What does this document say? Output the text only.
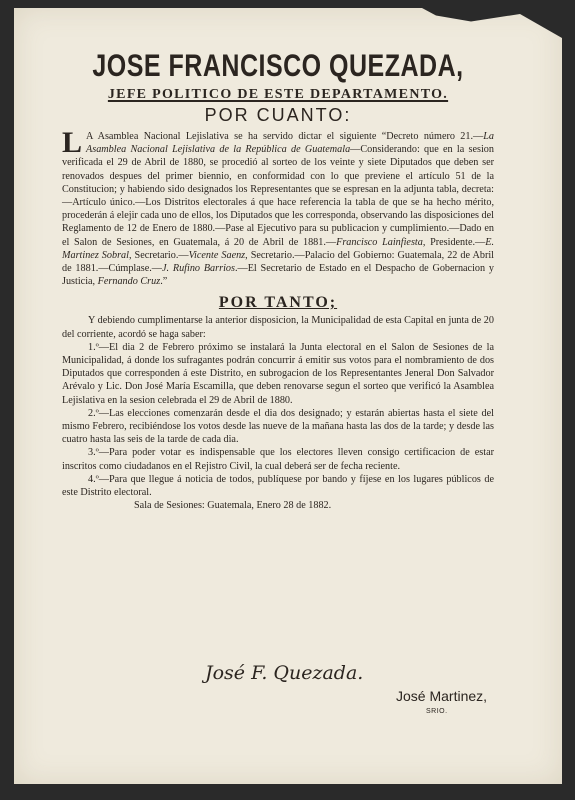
JOSE FRANCISCO QUEZADA,
JEFE POLITICO DE ESTE DEPARTAMENTO.
POR CUANTO:

L A Asamblea Nacional Lejislativa se ha servido dictar el siguiente “Decreto número 21.—La Asamblea Nacional Lejislativa de la República de Guatemala—Considerando: que en la sesion verificada el 29 de Abril de 1880, se procedió al sorteo de los veinte y siete Diputados que deben ser renovados despues del primer biennio, en conformidad con lo que previene el artículo 51 de la Constitucion; y habiendo sido designados los Representantes que se espresan en la adjunta tabla, decreta:—Artículo único.—Los Distritos electorales á que hace referencia la tabla de que se ha hecho mérito, procederán á elejir cada uno de ellos, los Diputados que les corresponda, observando las disposiciones del Reglamento de 12 de Enero de 1880.—Pase al Ejecutivo para su publicacion y cumplimiento.—Dado en el Salon de Sesiones, en Guatemala, á 20 de Abril de 1881.—Francisco Lainfiesta, Presidente.—E. Martinez Sobral, Secretario.—Vicente Saenz, Secretario.—Palacio del Gobierno: Guatemala, 22 de Abril de 1881.—Cúmplase.—J. Rufino Barrios.—El Secretario de Estado en el Despacho de Gobernacion y Justicia, Fernando Cruz.”

POR TANTO;

Y debiendo cumplimentarse la anterior disposicion, la Municipalidad de esta Capital en junta de 20 del corriente, acordó se haga saber:

1.º—El dia 2 de Febrero próximo se instalará la Junta electoral en el Salon de Sesiones de la Municipalidad, á donde los sufragantes podrán concurrir á emitir sus votos para el nombramiento de dos Diputados que corresponden á este Distrito, en subrogacion de los Representantes Jeneral Don Salvador Arévalo y Lic. Don José María Escamilla, que deben renovarse segun el sorteo que verificó la Asamblea Lejislativa en la sesion celebrada el 29 de Abril de 1880.

2.º—Las elecciones comenzarán desde el dia dos designado; y estarán abiertas hasta el siete del mismo Febrero, recibiéndose los votos desde las nueve de la mañana hasta las dos de la tarde; y desde las cuatro hasta las seis de la tarde de cada dia.

3.º—Para poder votar es indispensable que los electores lleven consigo certificacion de estar inscritos como ciudadanos en el Rejistro Civil, la cual deberá ser de fecha reciente.

4.º—Para que llegue á noticia de todos, publíquese por bando y fíjese en los lugares públicos de este Distrito electoral.

Sala de Sesiones: Guatemala, Enero 28 de 1882.

José F. Quezada.
José Martinez,
SRIO.
